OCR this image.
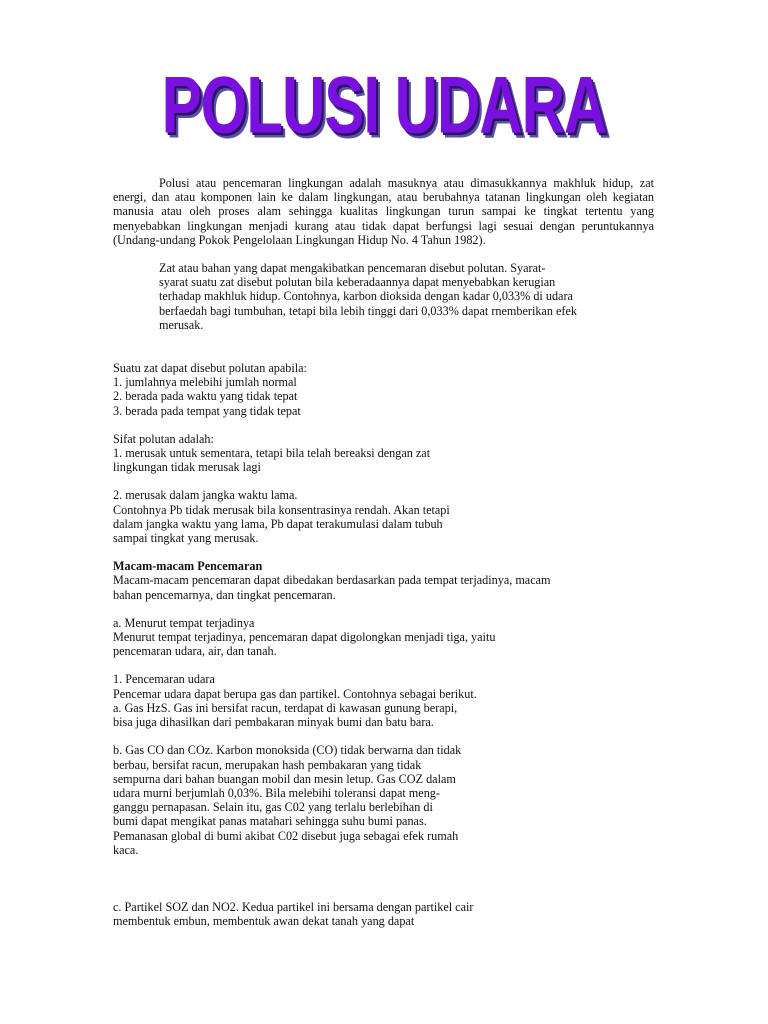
POLUSI UDARA

Polusi atau pencemaran lingkungan adalah masuknya atau dimasukkannya makhluk hidup, zat energi, dan atau komponen lain ke dalam lingkungan, atau berubahnya tatanan lingkungan oleh kegiatan manusia atau oleh proses alam sehingga kualitas lingkungan turun sampai ke tingkat tertentu yang menyebabkan lingkungan menjadi kurang atau tidak dapat berfungsi lagi sesuai dengan peruntukannya (Undang-undang Pokok Pengelolaan Lingkungan Hidup No. 4 Tahun 1982).

Zat atau bahan yang dapat mengakibatkan pencemaran disebut polutan. Syarat-
syarat suatu zat disebut polutan bila keberadaannya dapat menyebabkan kerugian
terhadap makhluk hidup. Contohnya, karbon dioksida dengan kadar 0,033% di udara
berfaedah bagi tumbuhan, tetapi bila lebih tinggi dari 0,033% dapat rnemberikan efek
merusak.
Suatu zat dapat disebut polutan apabila:
1. jumlahnya melebihi jumlah normal
2. berada pada waktu yang tidak tepat
3. berada pada tempat yang tidak tepat
Sifat polutan adalah:
1. merusak untuk sementara, tetapi bila telah bereaksi dengan zat
lingkungan tidak merusak lagi
2. merusak dalam jangka waktu lama.
Contohnya Pb tidak merusak bila konsentrasinya rendah. Akan tetapi
dalam jangka waktu yang lama, Pb dapat terakumulasi dalam tubuh
sampai tingkat yang merusak.
Macam-macam Pencemaran
Macam-macam pencemaran dapat dibedakan berdasarkan pada tempat terjadinya, macam
bahan pencemarnya, dan tingkat pencemaran.
a. Menurut tempat terjadinya
Menurut tempat terjadinya, pencemaran dapat digolongkan menjadi tiga, yaitu
pencemaran udara, air, dan tanah.
1. Pencemaran udara
Pencemar udara dapat berupa gas dan partikel. Contohnya sebagai berikut.
a. Gas HzS. Gas ini bersifat racun, terdapat di kawasan gunung berapi,
bisa juga dihasilkan dari pembakaran minyak bumi dan batu bara.
b. Gas CO dan COz. Karbon monoksida (CO) tidak berwarna dan tidak
berbau, bersifat racun, merupakan hash pembakaran yang tidak
sempurna dari bahan buangan mobil dan mesin letup. Gas COZ dalam
udara murni berjumlah 0,03%. Bila melebihi toleransi dapat meng-
ganggu pernapasan. Selain itu, gas C02 yang terlalu berlebihan di
bumi dapat mengikat panas matahari sehingga suhu bumi panas.
Pemanasan global di bumi akibat C02 disebut juga sebagai efek rumah
kaca.
c. Partikel SOZ dan NO2. Kedua partikel ini bersama dengan partikel cair
membentuk embun, membentuk awan dekat tanah yang dapat
